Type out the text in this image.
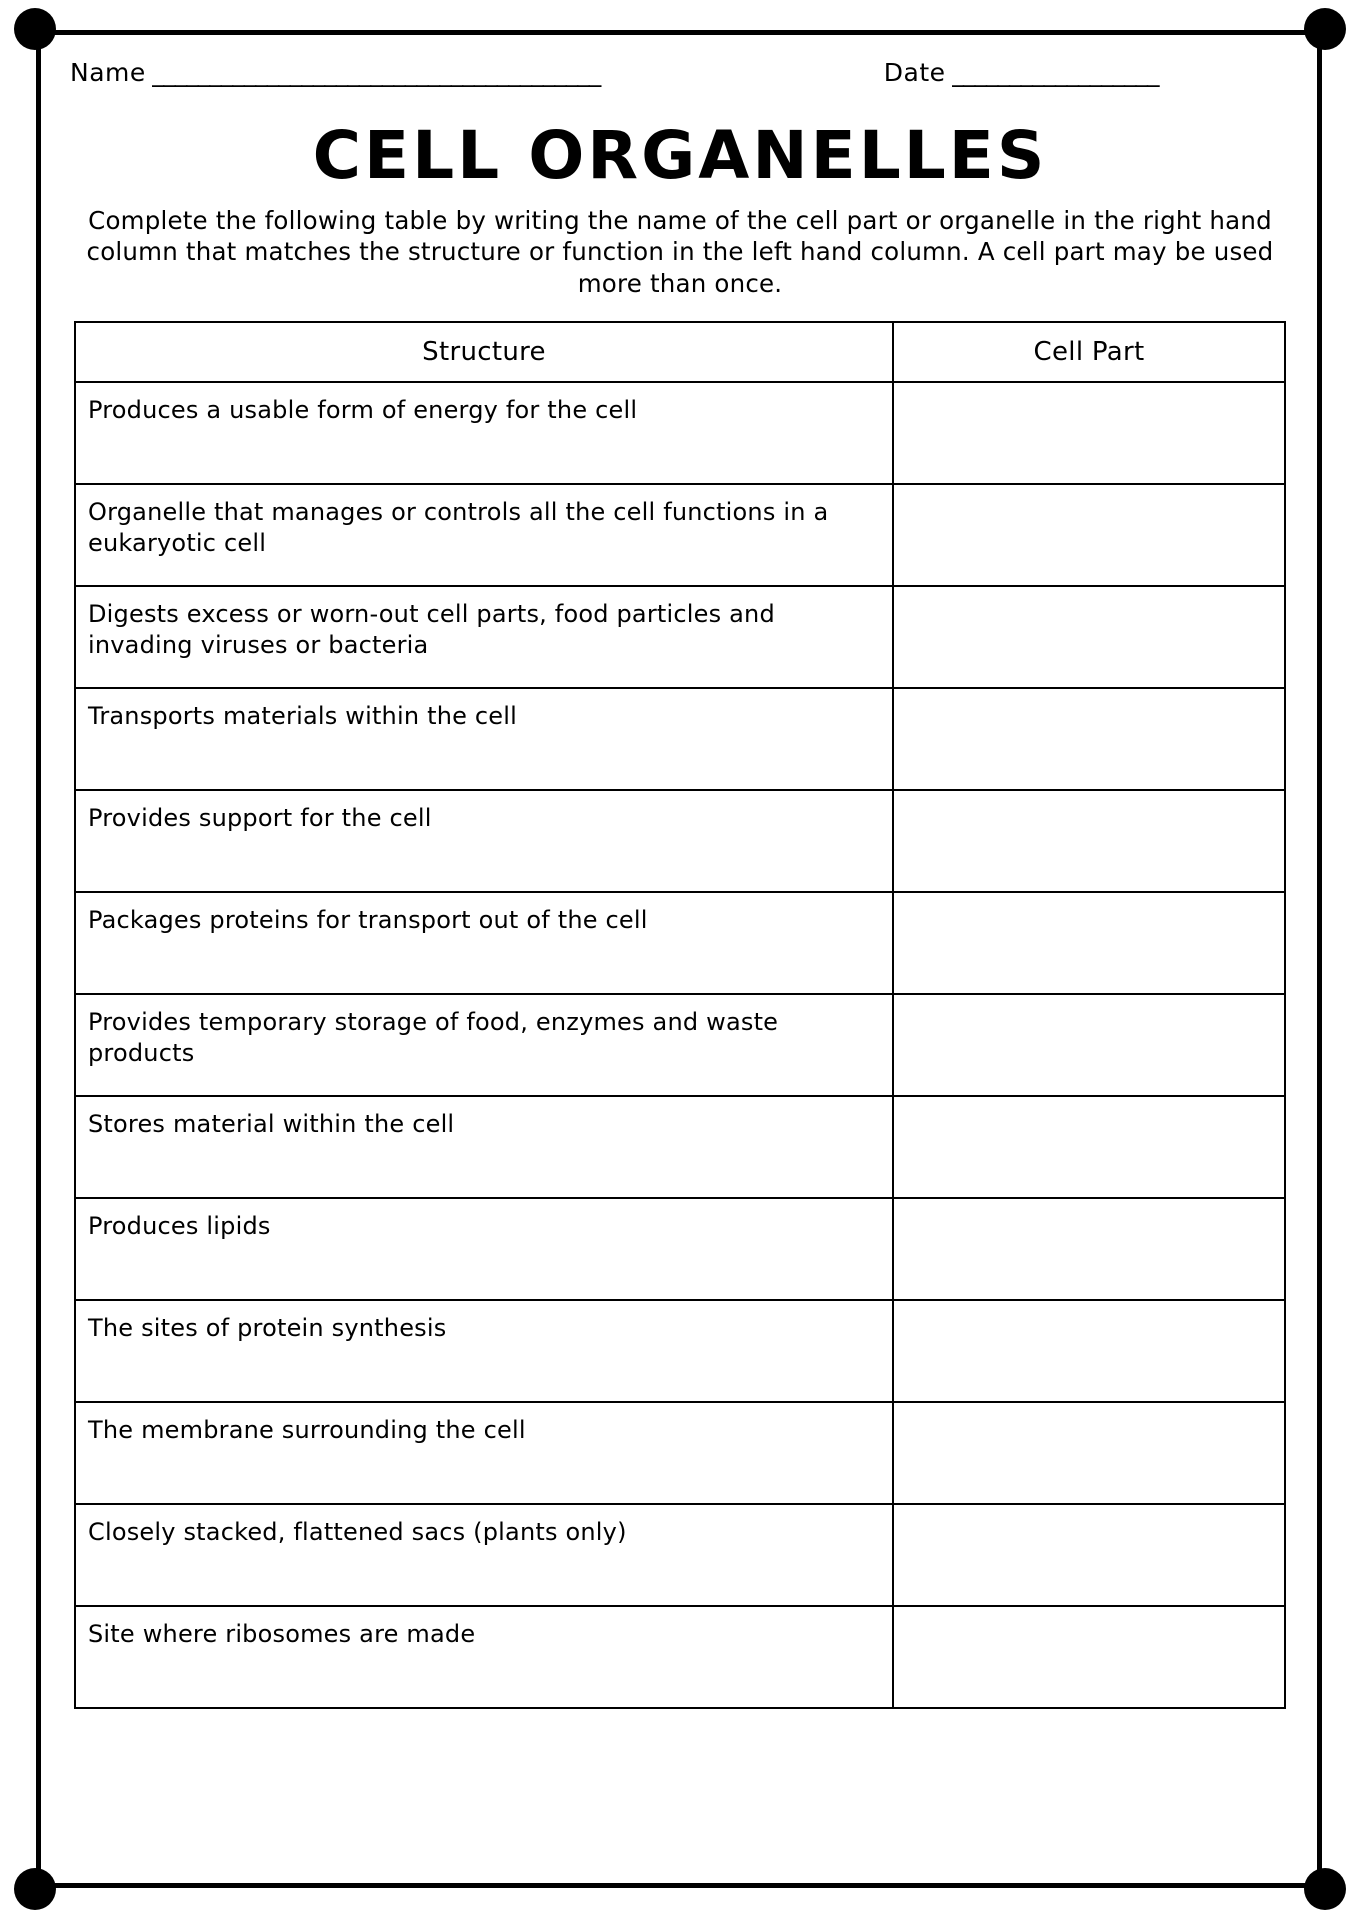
Name _______________________________________	Date __________________
CELL ORGANELLES

Complete the following table by writing the name of the cell part or organelle in the right hand column that matches the structure or function in the left hand column. A cell part may be used more than once.

Structure	Cell Part
Produces a usable form of energy for the cell	
Organelle that manages or controls all the cell functions in a eukaryotic cell	
Digests excess or worn-out cell parts, food particles and invading viruses or bacteria	
Transports materials within the cell	
Provides support for the cell	
Packages proteins for transport out of the cell	
Provides temporary storage of food, enzymes and waste products	
Stores material within the cell	
Produces lipids	
The sites of protein synthesis	
The membrane surrounding the cell	
Closely stacked, flattened sacs (plants only)	
Site where ribosomes are made	
